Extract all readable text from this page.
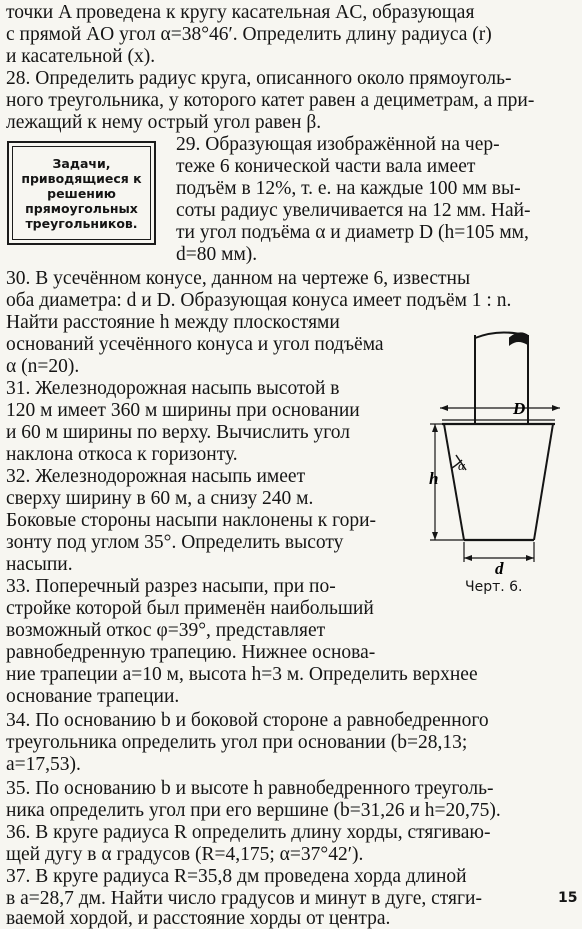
точки A проведена к кругу касательная AC, образующая
с прямой AO угол α=38°46′. Определить длину радиуса (r)
и касательной (x).
28. Определить радиус круга, описанного около прямоуголь-
ного треугольника, у которого катет равен a дециметрам, а при-
лежащий к нему острый угол равен β.
Задачи, приводящиеся к решению прямоугольных треугольников.
29. Образующая изображённой на чер-
теже 6 конической части вала имеет
подъём в 12%, т. е. на каждые 100 мм вы-
соты радиус увеличивается на 12 мм. Най-
ти угол подъёма α и диаметр D (h=105 мм,
d=80 мм).
30. В усечённом конусе, данном на чертеже 6, известны
оба диаметра: d и D. Образующая конуса имеет подъём 1 : n.
Найти расстояние h между плоскостями
оснований усечённого конуса и угол подъёма
α (n=20).
31. Железнодорожная насыпь высотой в
120 м имеет 360 м ширины при основании
и 60 м ширины по верху. Вычислить угол
наклона откоса к горизонту.
32. Железнодорожная насыпь имеет
сверху ширину в 60 м, а снизу 240 м.
Боковые стороны насыпи наклонены к гори-
зонту под углом 35°. Определить высоту
насыпи.
33. Поперечный разрез насыпи, при по-
стройке которой был применён наибольший
возможный откос φ=39°, представляет
равнобедренную трапецию. Нижнее основа-
ние трапеции a=10 м, высота h=3 м. Определить верхнее
основание трапеции.
34. По основанию b и боковой стороне a равнобедренного
треугольника определить угол при основании (b=28,13;
a=17,53).
35. По основанию b и высоте h равнобедренного треуголь-
ника определить угол при его вершине (b=31,26 и h=20,75).
36. В круге радиуса R определить длину хорды, стягиваю-
щей дугу в α градусов (R=4,175; α=37°42′).
37. В круге радиуса R=35,8 дм проведена хорда длиной
в a=28,7 дм. Найти число градусов и минут в дуге, стяги-
ваемой хордой, и расстояние хорды от центра.
D
h
d
α
Черт. 6.
15
